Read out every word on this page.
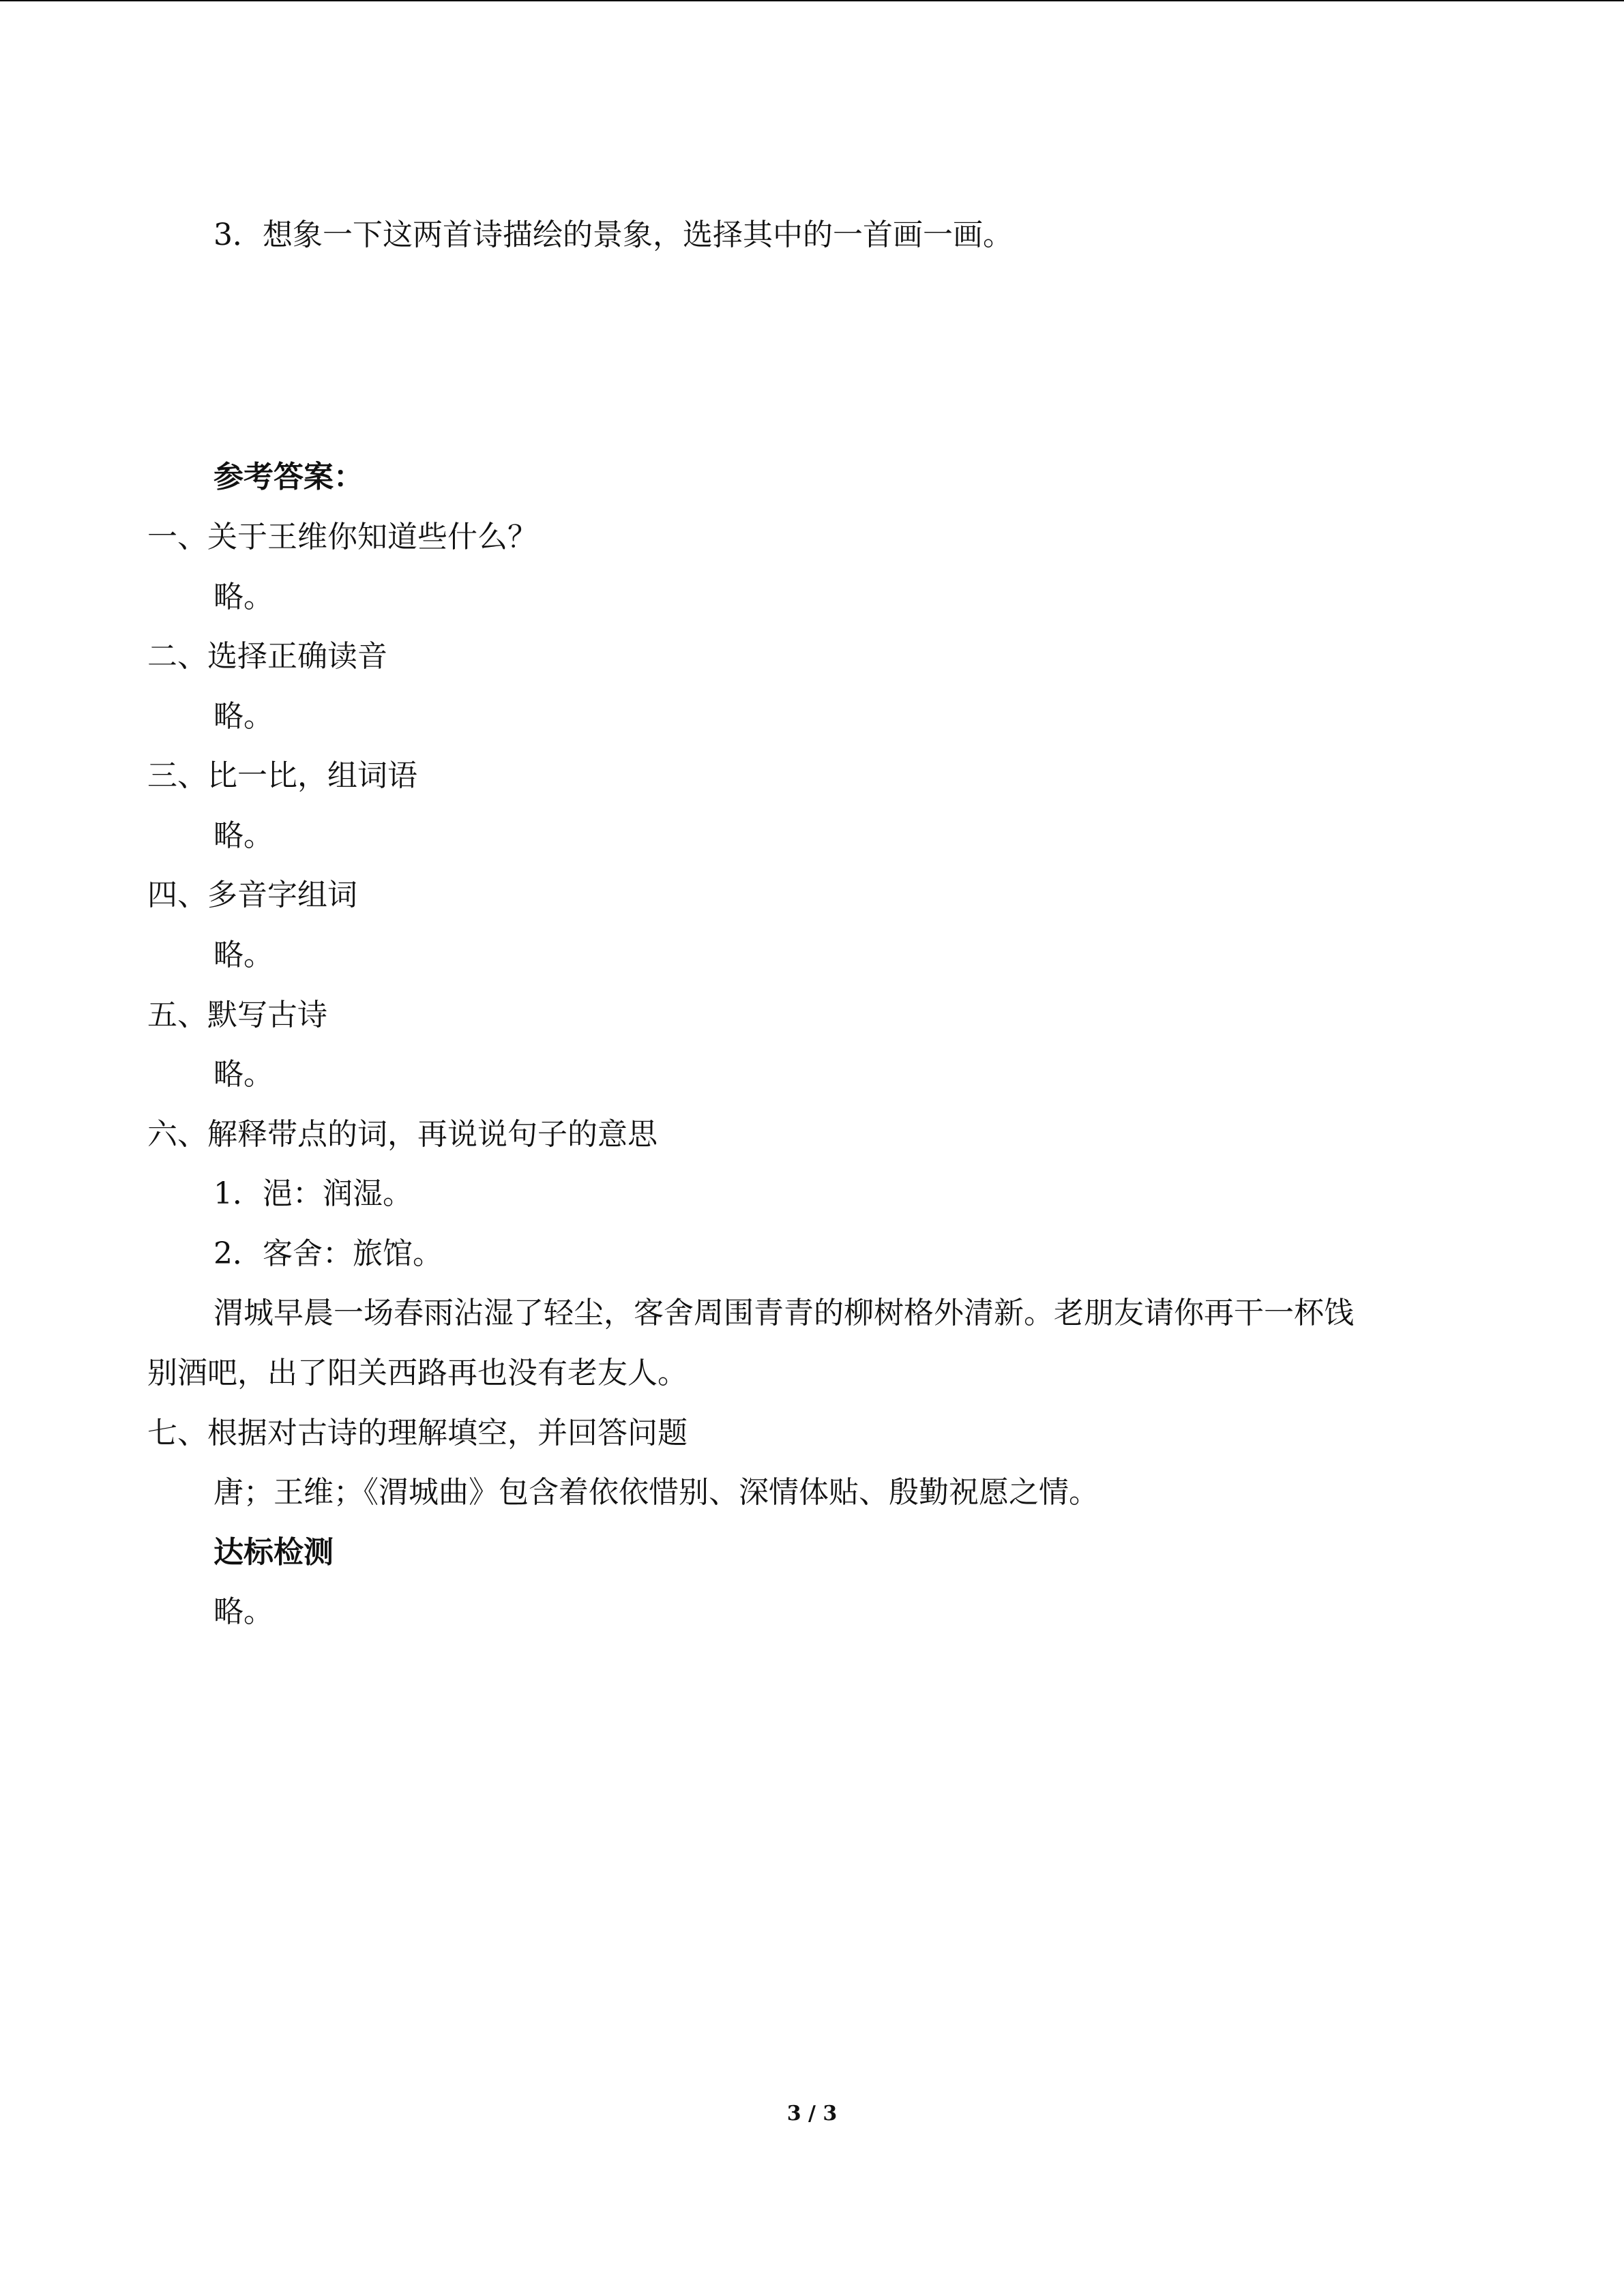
3．想象一下这两首诗描绘的景象，选择其中的一首画一画。
参考答案：
一、关于王维你知道些什么？
略。
二、选择正确读音
略。
三、比一比，组词语
略。
四、多音字组词
略。
五、默写古诗
略。
六、解释带点的词，再说说句子的意思
1．浥：润湿。
2．客舍：旅馆。
渭城早晨一场春雨沾湿了轻尘，客舍周围青青的柳树格外清新。老朋友请你再干一杯饯
别酒吧，出了阳关西路再也没有老友人。
七、根据对古诗的理解填空，并回答问题
唐；王维；《渭城曲》包含着依依惜别、深情体贴、殷勤祝愿之情。
达标检测
略。
3 / 3
